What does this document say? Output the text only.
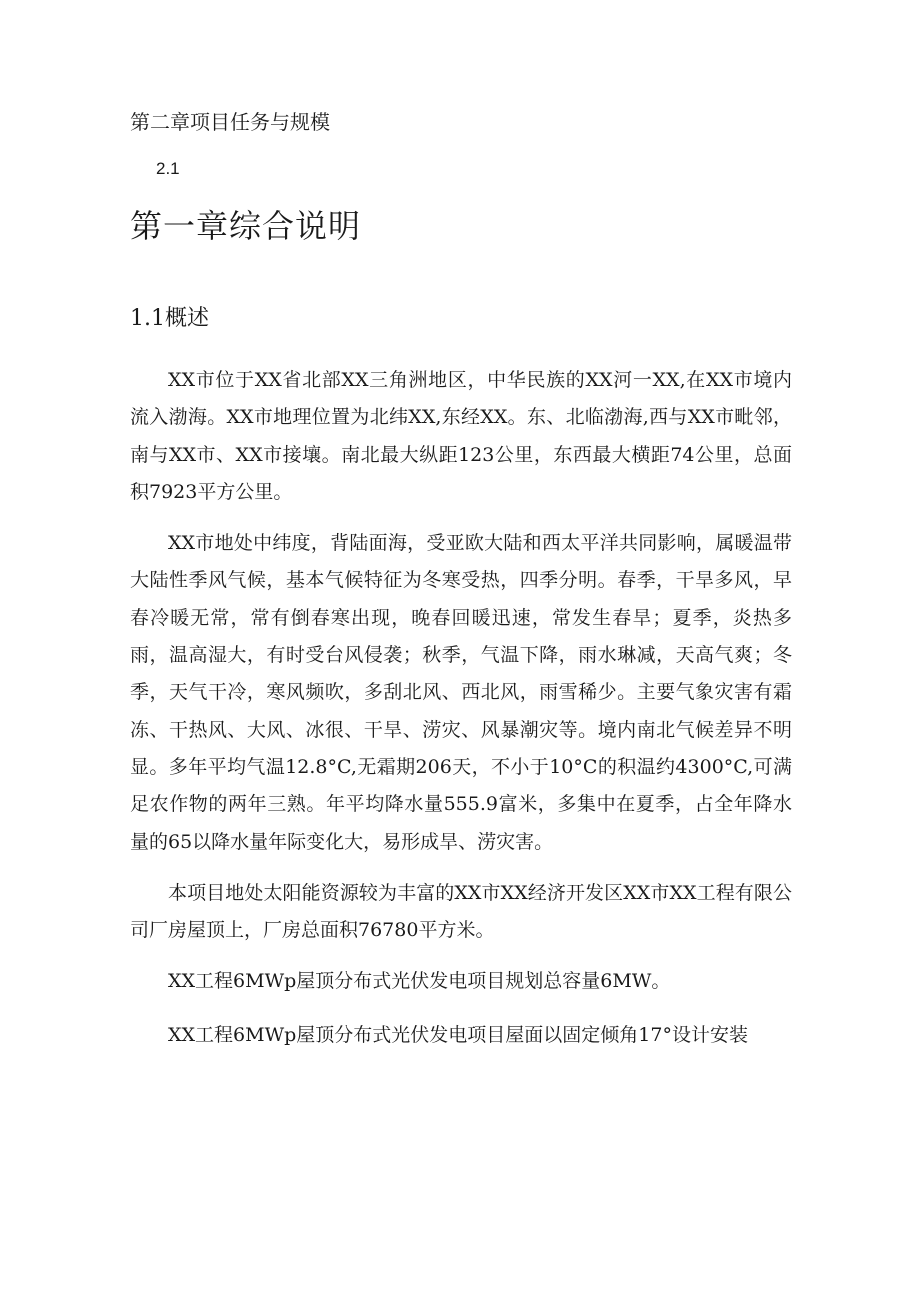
第二章项目任务与规模
2.1
第一章综合说明
1.1概述

XX市位于XX省北部XX三角洲地区，中华民族的XX河一XX,在XX市境内流入渤海。XX市地理位置为北纬XX,东经XX。东、北临渤海,西与XX市毗邻，南与XX市、XX市接壤。南北最大纵距123公里，东西最大横距74公里，总面积7923平方公里。

XX市地处中纬度，背陆面海，受亚欧大陆和西太平洋共同影响，属暖温带大陆性季风气候，基本气候特征为冬寒受热，四季分明。春季，干旱多风，早春冷暖无常，常有倒春寒出现，晚春回暖迅速，常发生春旱；夏季，炎热多雨，温高湿大，有时受台风侵袭；秋季，气温下降，雨水琳减，天高气爽；冬季，天气干冷，寒风频吹，多刮北风、西北风，雨雪稀少。主要气象灾害有霜冻、干热风、大风、冰很、干旱、涝灾、风暴潮灾等。境内南北气候差异不明显。多年平均气温12.8°C,无霜期206天，不小于10°C的积温约4300°C,可满足农作物的两年三熟。年平均降水量555.9富米，多集中在夏季，占全年降水量的65以降水量年际变化大，易形成旱、涝灾害。

本项目地处太阳能资源较为丰富的XX市XX经济开发区XX市XX工程有限公司厂房屋顶上，厂房总面积76780平方米。

XX工程6MWp屋顶分布式光伏发电项目规划总容量6MW。

XX工程6MWp屋顶分布式光伏发电项目屋面以固定倾角17°设计安装
